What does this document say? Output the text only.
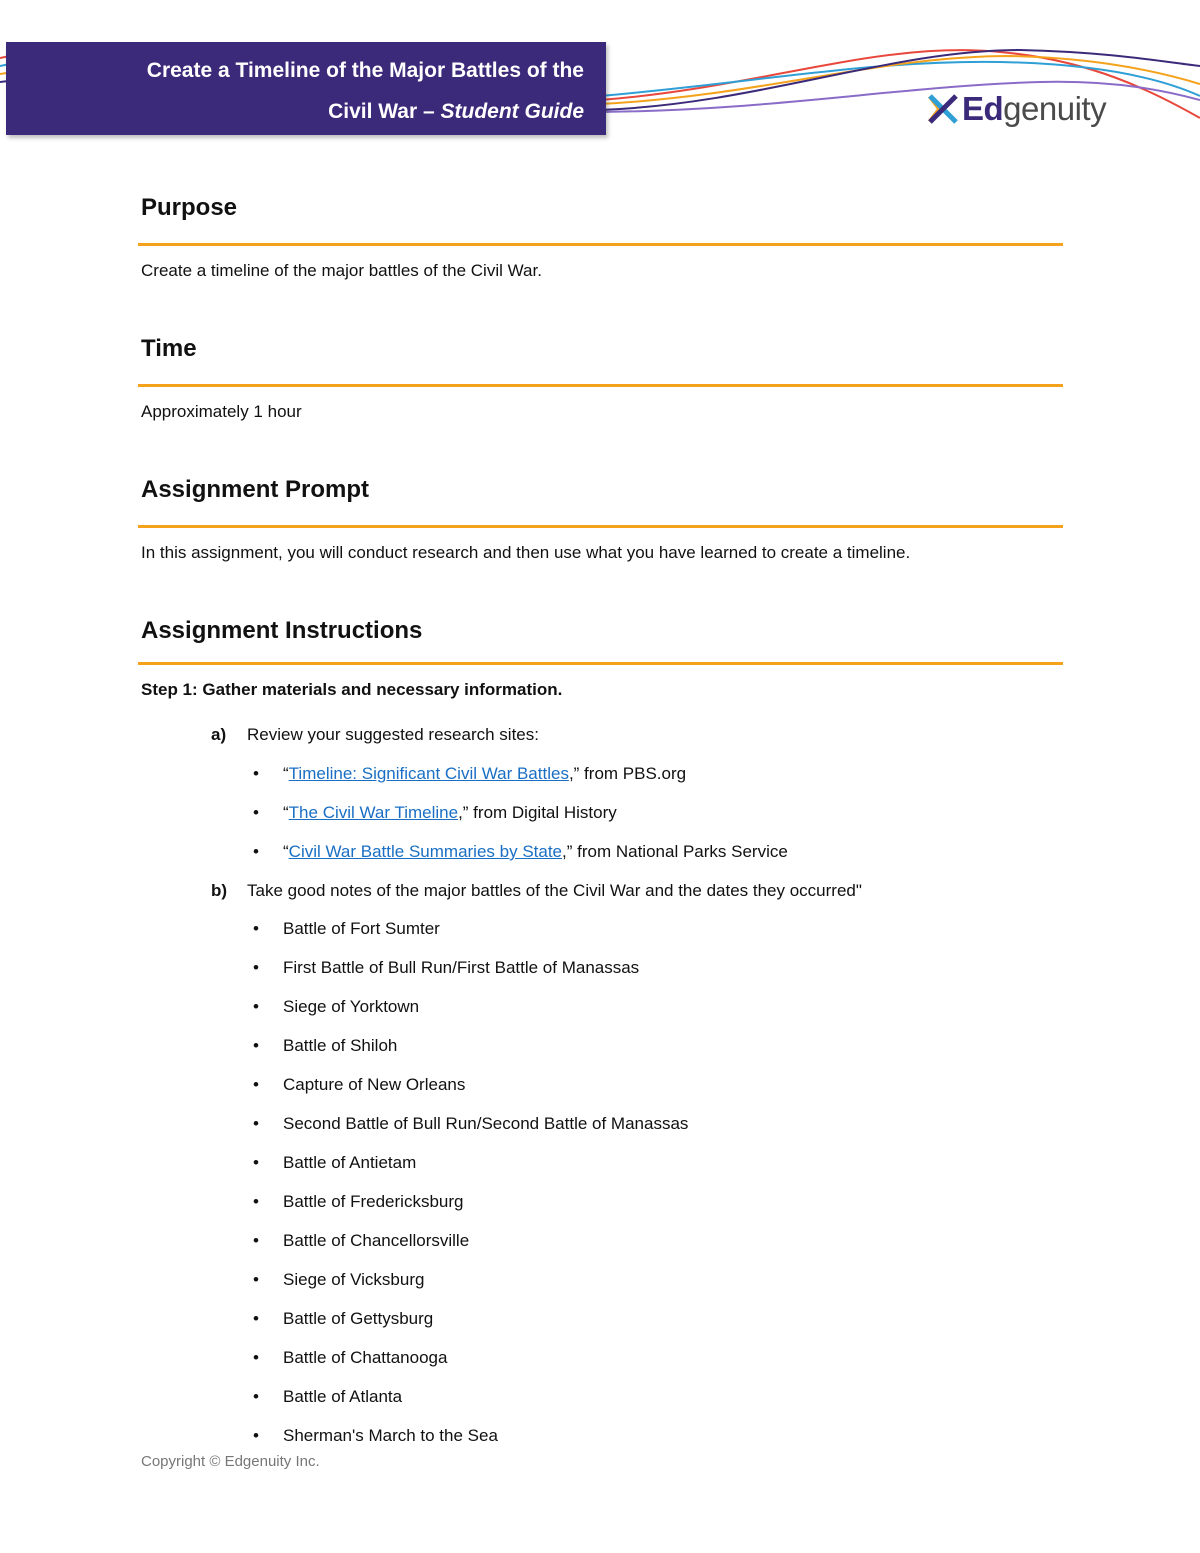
Create a Timeline of the Major Battles of the
Civil War – Student Guide	Edgenuity
Purpose
Create a timeline of the major battles of the Civil War.
Time
Approximately 1 hour
Assignment Prompt
In this assignment, you will conduct research and then use what you have learned to create a timeline.
Assignment Instructions
Step 1: Gather materials and necessary information.
a) Review your suggested research sites:
• “Timeline: Significant Civil War Battles,” from PBS.org
• “The Civil War Timeline,” from Digital History
• “Civil War Battle Summaries by State,” from National Parks Service
b) Take good notes of the major battles of the Civil War and the dates they occurred"
• Battle of Fort Sumter
• First Battle of Bull Run/First Battle of Manassas
• Siege of Yorktown
• Battle of Shiloh
• Capture of New Orleans
• Second Battle of Bull Run/Second Battle of Manassas
• Battle of Antietam
• Battle of Fredericksburg
• Battle of Chancellorsville
• Siege of Vicksburg
• Battle of Gettysburg
• Battle of Chattanooga
• Battle of Atlanta
• Sherman's March to the Sea
Copyright © Edgenuity Inc.
